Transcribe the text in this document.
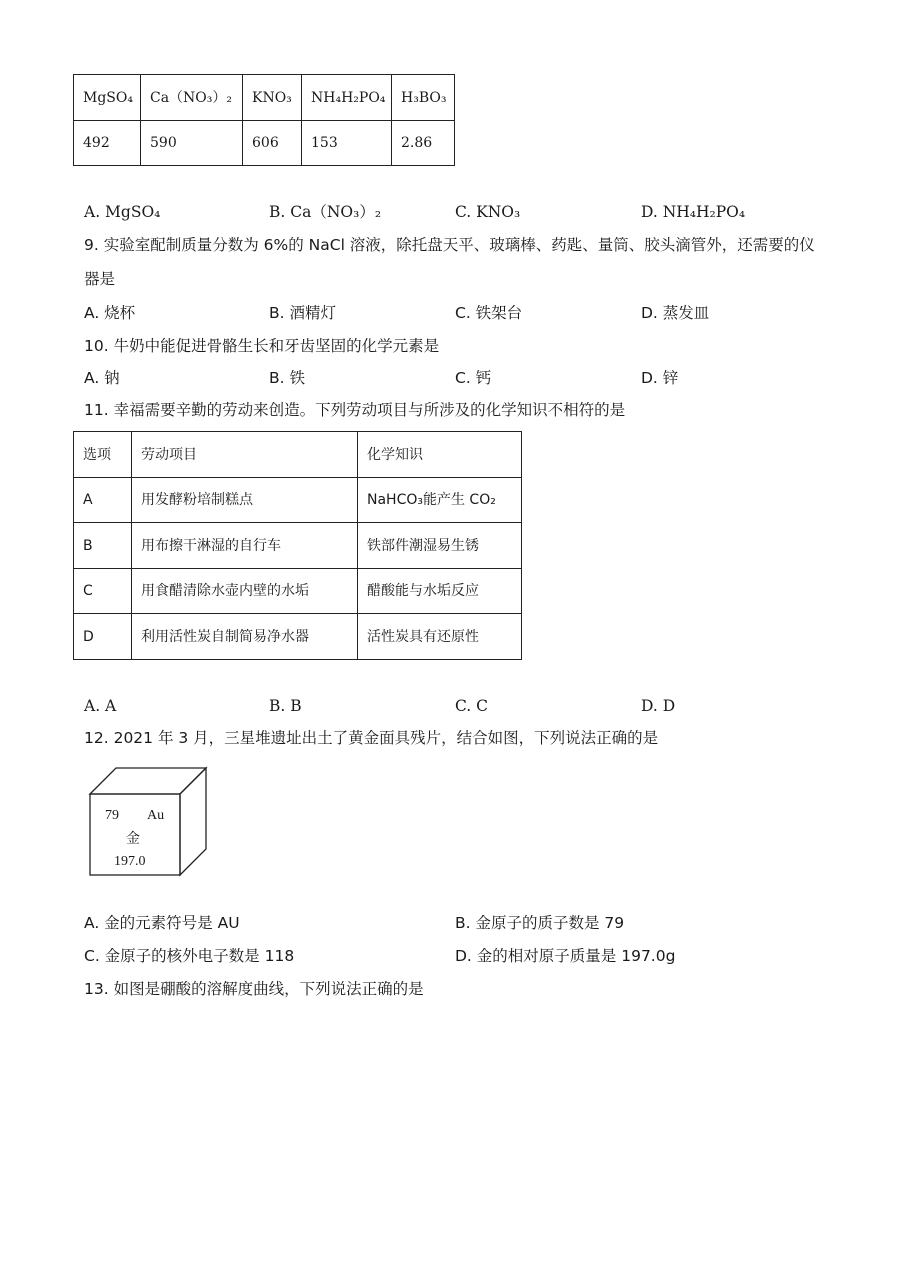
MgSO₄	Ca（NO₃）₂	KNO₃	NH₄H₂PO₄	H₃BO₃
492	590	606	153	2.86
A. MgSO₄	B. Ca（NO₃）₂	C. KNO₃	D. NH₄H₂PO₄
9. 实验室配制质量分数为 6%的 NaCl 溶液，除托盘天平、玻璃棒、药匙、量筒、胶头滴管外，还需要的仪
器是
A. 烧杯	B. 酒精灯	C. 铁架台	D. 蒸发皿
10. 牛奶中能促进骨骼生长和牙齿坚固的化学元素是
A. 钠	B. 铁	C. 钙	D. 锌
11. 幸福需要辛勤的劳动来创造。下列劳动项目与所涉及的化学知识不相符的是
选项	劳动项目	化学知识
A	用发酵粉培制糕点	NaHCO₃能产生 CO₂
B	用布擦干淋湿的自行车	铁部件潮湿易生锈
C	用食醋清除水壶内壁的水垢	醋酸能与水垢反应
D	利用活性炭自制简易净水器	活性炭具有还原性
A. A	B. B	C. C	D. D
12. 2021 年 3 月，三星堆遗址出土了黄金面具残片，结合如图，下列说法正确的是
79 Au
金
197.0
A. 金的元素符号是 AU	B. 金原子的质子数是 79
C. 金原子的核外电子数是 118	D. 金的相对原子质量是 197.0g
13. 如图是硼酸的溶解度曲线，下列说法正确的是
